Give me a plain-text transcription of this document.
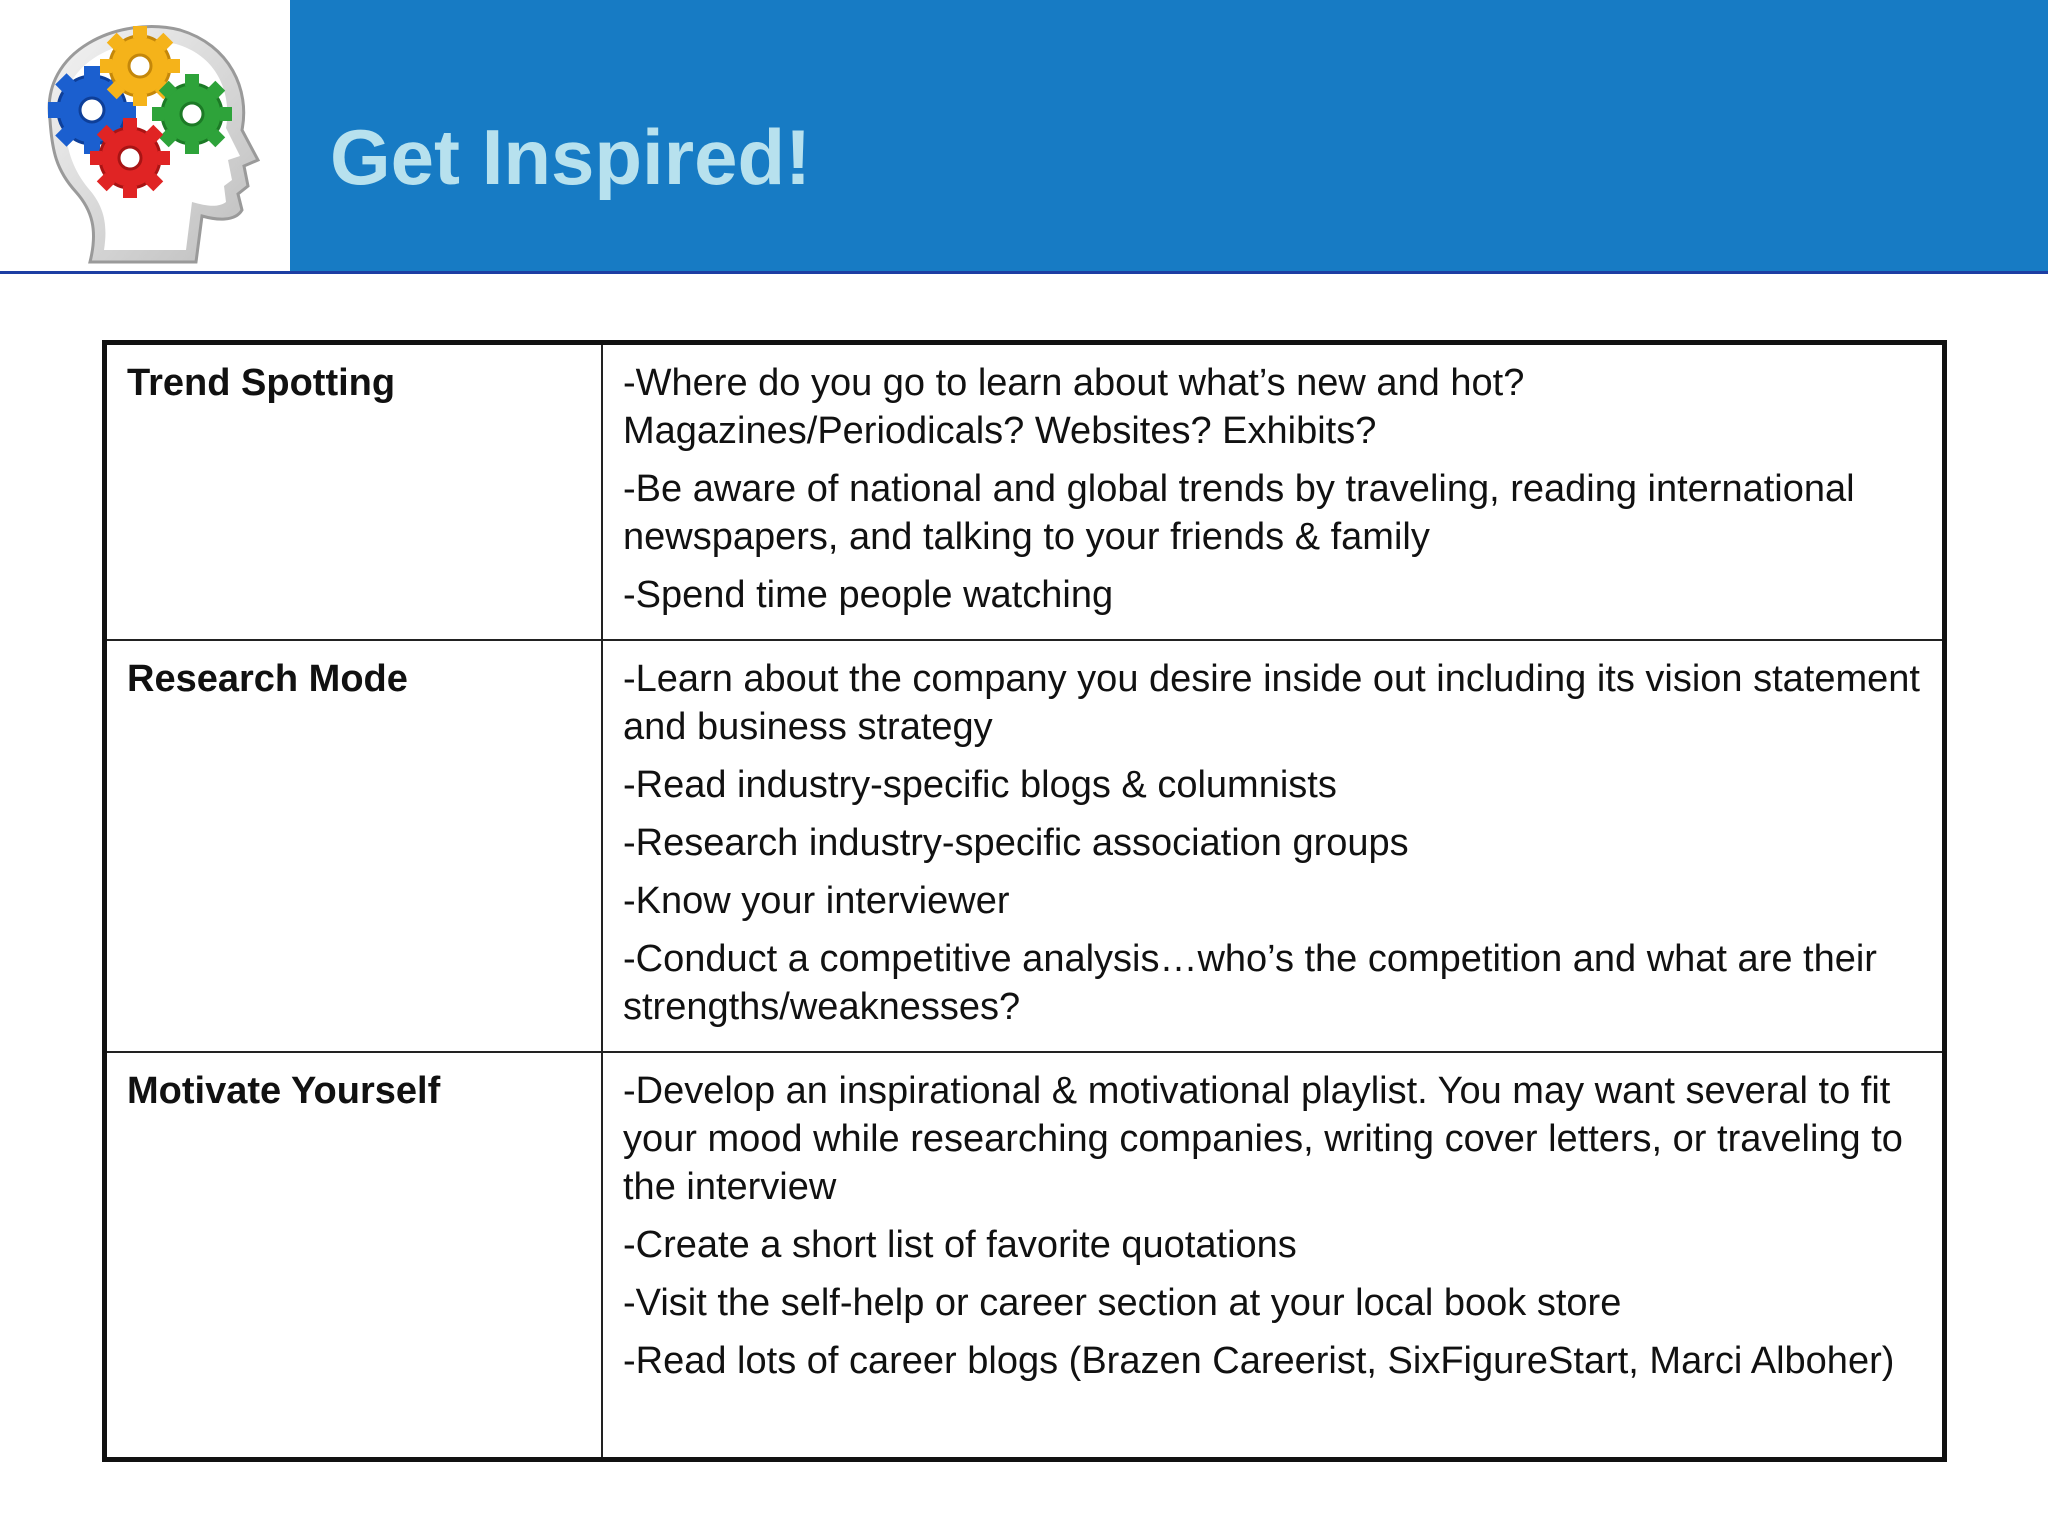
Get Inspired!
Trend Spotting	-Where do you go to learn about what’s new and hot? Magazines/Periodicals? Websites? Exhibits?

-Be aware of national and global trends by traveling, reading international newspapers, and talking to your friends & family

-Spend time people watching

Research Mode	-Learn about the company you desire inside out including its vision statement and business strategy

-Read industry-specific blogs & columnists

-Research industry-specific association groups

-Know your interviewer

-Conduct a competitive analysis…who’s the competition and what are their strengths/weaknesses?

Motivate Yourself	-Develop an inspirational & motivational playlist. You may want several to fit your mood while researching companies, writing cover letters, or traveling to the interview

-Create a short list of favorite quotations

-Visit the self-help or career section at your local book store

-Read lots of career blogs (Brazen Careerist, SixFigureStart, Marci Alboher)
